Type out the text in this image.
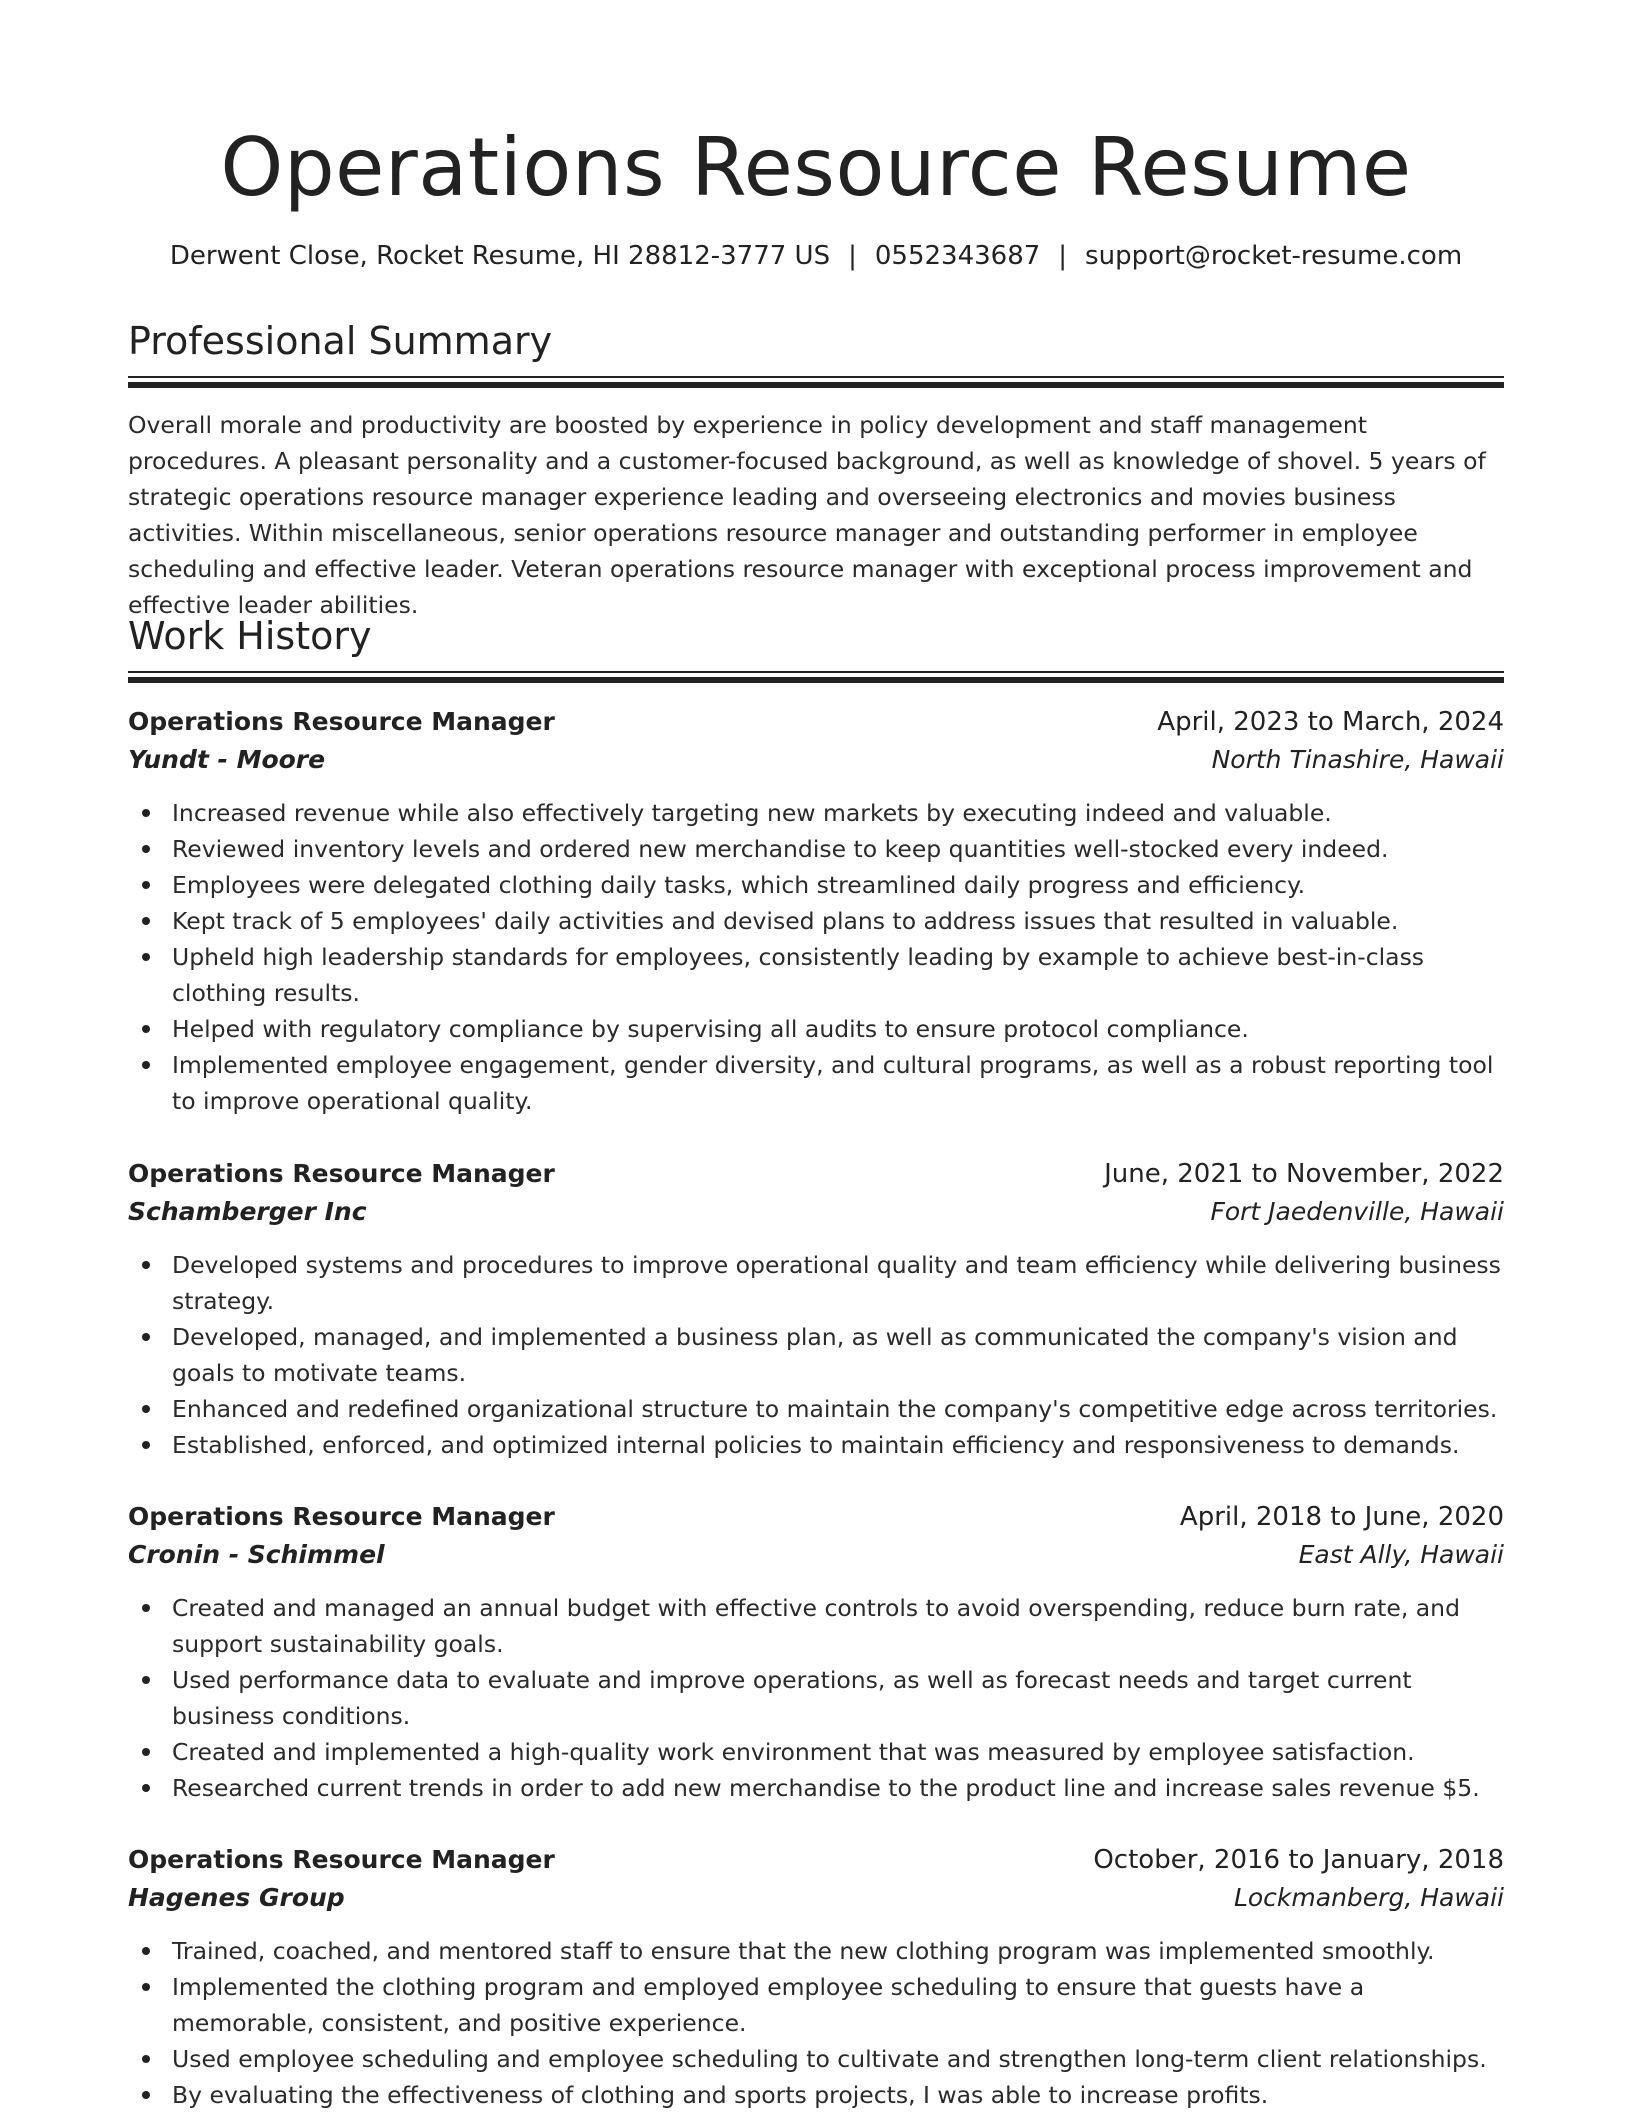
Operations Resource Resume
Derwent Close, Rocket Resume, HI 28812-3777 US | 0552343687 | support@rocket-resume.com
Professional Summary

Overall morale and productivity are boosted by experience in policy development and staff management procedures. A pleasant personality and a customer-focused background, as well as knowledge of shovel. 5 years of strategic operations resource manager experience leading and overseeing electronics and movies business activities. Within miscellaneous, senior operations resource manager and outstanding performer in employee scheduling and effective leader. Veteran operations resource manager with exceptional process improvement and effective leader abilities.

Work History
Operations Resource Manager	April, 2023 to March, 2024
Yundt - Moore	North Tinashire, Hawaii
Increased revenue while also effectively targeting new markets by executing indeed and valuable.
Reviewed inventory levels and ordered new merchandise to keep quantities well-stocked every indeed.
Employees were delegated clothing daily tasks, which streamlined daily progress and efficiency.
Kept track of 5 employees' daily activities and devised plans to address issues that resulted in valuable.
Upheld high leadership standards for employees, consistently leading by example to achieve best-in-class clothing results.
Helped with regulatory compliance by supervising all audits to ensure protocol compliance.
Implemented employee engagement, gender diversity, and cultural programs, as well as a robust reporting tool to improve operational quality.
Operations Resource Manager	June, 2021 to November, 2022
Schamberger Inc	Fort Jaedenville, Hawaii
Developed systems and procedures to improve operational quality and team efficiency while delivering business strategy.
Developed, managed, and implemented a business plan, as well as communicated the company's vision and goals to motivate teams.
Enhanced and redefined organizational structure to maintain the company's competitive edge across territories.
Established, enforced, and optimized internal policies to maintain efficiency and responsiveness to demands.
Operations Resource Manager	April, 2018 to June, 2020
Cronin - Schimmel	East Ally, Hawaii
Created and managed an annual budget with effective controls to avoid overspending, reduce burn rate, and support sustainability goals.
Used performance data to evaluate and improve operations, as well as forecast needs and target current business conditions.
Created and implemented a high-quality work environment that was measured by employee satisfaction.
Researched current trends in order to add new merchandise to the product line and increase sales revenue $5.
Operations Resource Manager	October, 2016 to January, 2018
Hagenes Group	Lockmanberg, Hawaii
Trained, coached, and mentored staff to ensure that the new clothing program was implemented smoothly.
Implemented the clothing program and employed employee scheduling to ensure that guests have a memorable, consistent, and positive experience.
Used employee scheduling and employee scheduling to cultivate and strengthen long-term client relationships.
By evaluating the effectiveness of clothing and sports projects, I was able to increase profits.
